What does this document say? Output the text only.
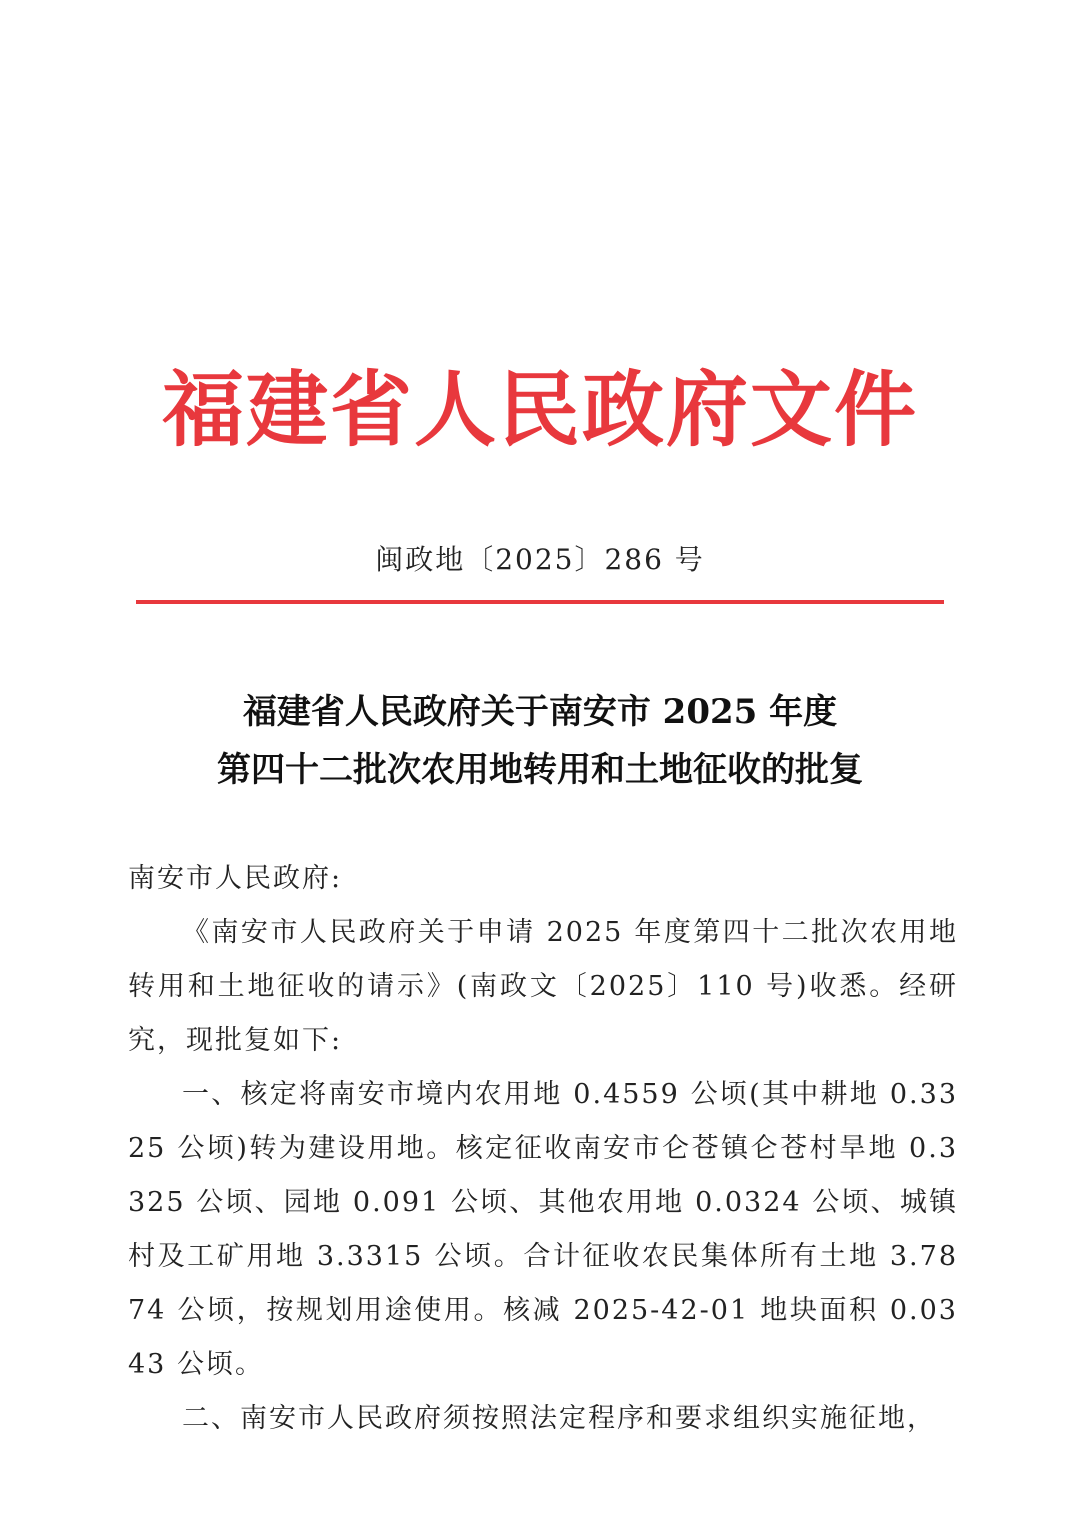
福建省人民政府文件
闽政地〔2025〕286 号
福建省人民政府关于南安市 2025 年度
第四十二批次农用地转用和土地征收的批复
南安市人民政府:

《南安市人民政府关于申请 2025 年度第四十二批次农用地转用和土地征收的请示》(南政文〔2025〕110 号)收悉。经研究，现批复如下:

一、核定将南安市境内农用地 0.4559 公顷(其中耕地 0.3325 公顷)转为建设用地。核定征收南安市仑苍镇仑苍村旱地 0.3325 公顷、园地 0.091 公顷、其他农用地 0.0324 公顷、城镇村及工矿用地 3.3315 公顷。合计征收农民集体所有土地 3.7874 公顷，按规划用途使用。核减 2025-42-01 地块面积 0.0343 公顷。

二、南安市人民政府须按照法定程序和要求组织实施征地，
